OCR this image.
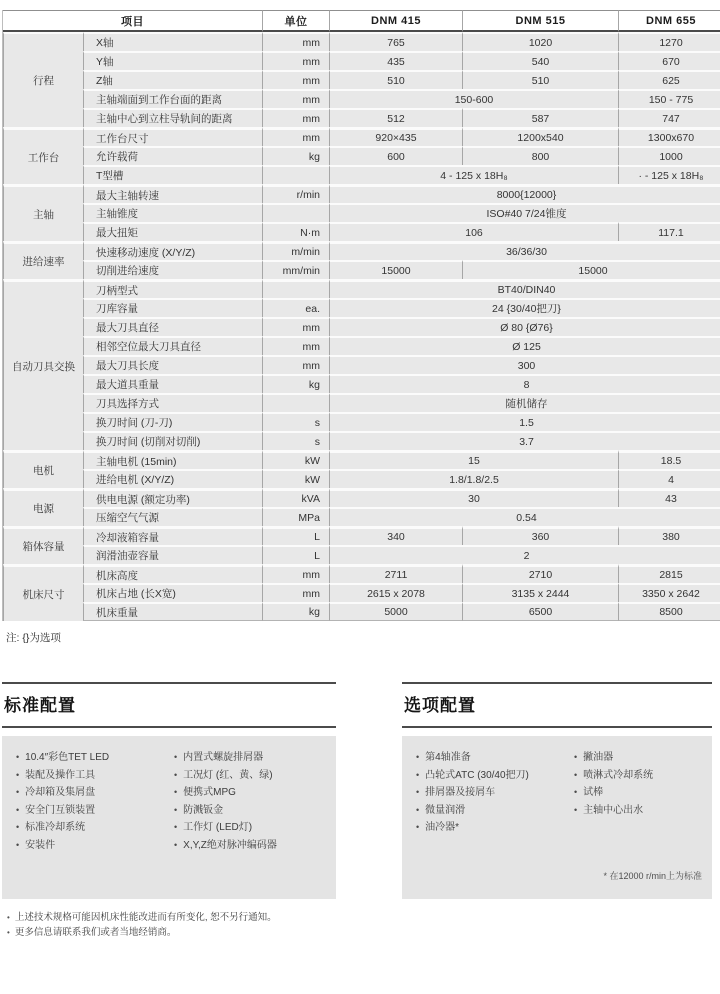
项目		单位	DNM 415	DNM 515	DNM 655
行程	X轴	mm	765	1020	1270
	Y轴	mm	435	540	670
	Z轴	mm	510	510	625
	主轴端面到工作台面的距离	mm	150-600		150 - 775
	主轴中心到立柱导轨间的距离	mm	512	587	747
工作台	工作台尺寸	mm	920×435	1200x540	1300x670
	允许载荷	kg	600	800	1000
	T型槽		4 - 125 x 18H₈		· - 125 x 18H₈
主轴	最大主轴转速	r/min	8000{12000}		
	主轴锥度		ISO#40 7/24锥度		
	最大扭矩	N·m	106		117.1
进给速率	快速移动速度 (X/Y/Z)	m/min	36/36/30		
	切削进给速度	mm/min	15000	15000	
自动刀具交换	刀柄型式		BT40/DIN40		
	刀库容量	ea.	24 {30/40把刀}		
	最大刀具直径	mm	Ø 80 {Ø76}		
	相邻空位最大刀具直径	mm	Ø 125		
	最大刀具长度	mm	300		
	最大道具重量	kg	8		
	刀具选择方式		随机储存		
	换刀时间 (刀-刀)	s	1.5		
	换刀时间 (切削对切削)	s	3.7		
电机	主轴电机 (15min)	kW	15		18.5
	进给电机 (X/Y/Z)	kW	1.8/1.8/2.5		4
电源	供电电源 (额定功率)	kVA	30		43
	压缩空气气源	MPa	0.54		
箱体容量	冷却液箱容量	L	340	360	380
	润滑油壶容量	L	2		
机床尺寸	机床高度	mm	2711	2710	2815
	机床占地 (长X宽)	mm	2615 x 2078	3135 x 2444	3350 x 2642
	机床重量	kg	5000	6500	8500
注: {}为选项
标准配置
• 10.4″彩色TET LED
• 装配及操作工具
• 冷却箱及集屑盘
• 安全门互锁装置
• 标准冷却系统
• 安装件
• 内置式螺旋排屑器
• 工况灯 (红、黄、绿)
• 便携式MPG
• 防溅钣金
• 工作灯 (LED灯)
• X,Y,Z绝对脉冲编码器
选项配置
• 第4轴准备
• 凸轮式ATC (30/40把刀)
• 排屑器及接屑车
• 微量润滑
• 油冷器*
• 撇油器
• 喷淋式冷却系统
• 试棒
• 主轴中心出水
* 在12000 r/min上为标准
• 上述技术规格可能因机床性能改进而有所变化, 恕不另行通知。
• 更多信息请联系我们或者当地经销商。
